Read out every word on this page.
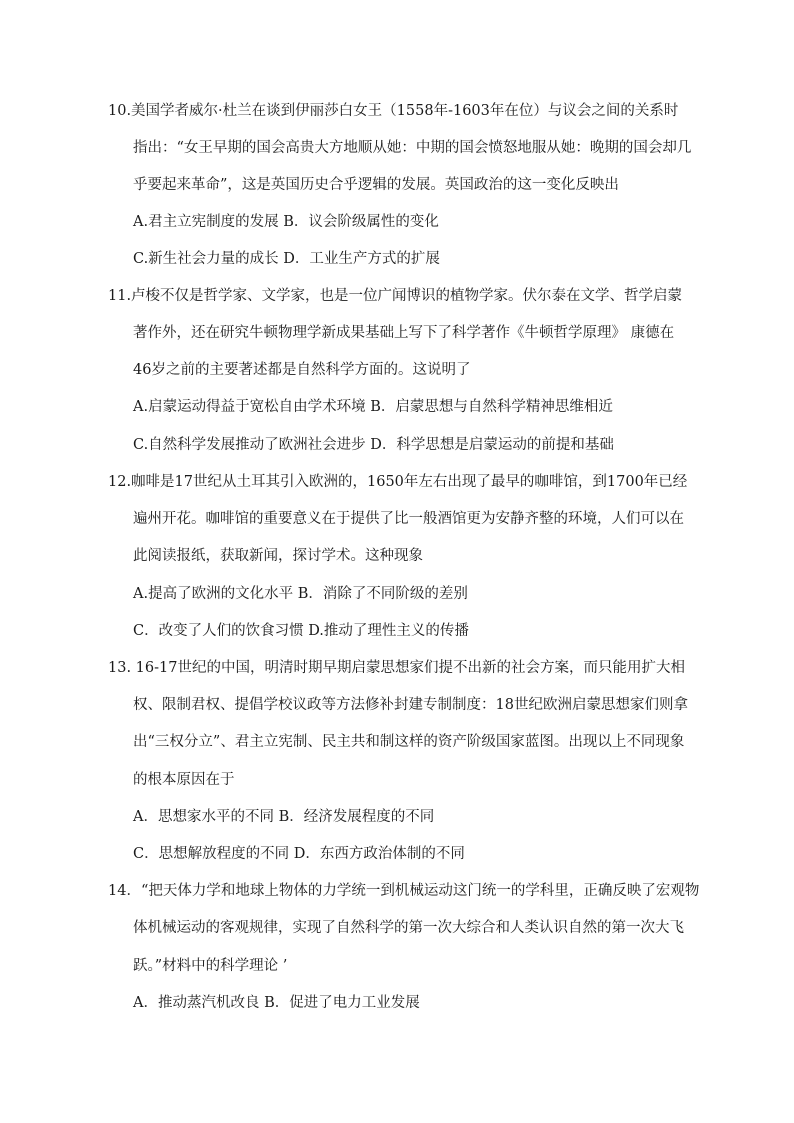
10.美国学者威尔·杜兰在谈到伊丽莎白女王（1558年-1603年在位）与议会之间的关系时
指出：“女王早期的国会高贵大方地顺从她：中期的国会愤怒地服从她：晚期的国会却几
乎要起来革命”，这是英国历史合乎逻辑的发展。英国政治的这一变化反映出
A.君主立宪制度的发展 B．议会阶级属性的变化
C.新生社会力量的成长 D．工业生产方式的扩展
11.卢梭不仅是哲学家、文学家，也是一位广闻博识的植物学家。伏尔泰在文学、哲学启蒙
著作外，还在研究牛顿物理学新成果基础上写下了科学著作《牛顿哲学原理》 康德在
46岁之前的主要著述都是自然科学方面的。这说明了
A.启蒙运动得益于宽松自由学术环境 B．启蒙思想与自然科学精神思维相近
C.自然科学发展推动了欧洲社会进步 D．科学思想是启蒙运动的前提和基础
12.咖啡是17世纪从土耳其引入欧洲的，1650年左右出现了最早的咖啡馆，到1700年已经
遍州开花。咖啡馆的重要意义在于提供了比一般酒馆更为安静齐整的环境，人们可以在
此阅读报纸，获取新闻，探讨学术。这种现象
A.提高了欧洲的文化水平 B．消除了不同阶级的差别
C．改变了人们的饮食习惯 D.推动了理性主义的传播
13. 16-17世纪的中国，明清时期早期启蒙思想家们提不出新的社会方案，而只能用扩大相
权、限制君权、提倡学校议政等方法修补封建专制制度：18世纪欧洲启蒙思想家们则拿
出“三权分立”、君主立宪制、民主共和制这样的资产阶级国家蓝图。出现以上不同现象
的根本原因在于
A．思想家水平的不同 B．经济发展程度的不同
C．思想解放程度的不同 D．东西方政治体制的不同
14．“把天体力学和地球上物体的力学统一到机械运动这门统一的学科里，正确反映了宏观物
体机械运动的客观规律，实现了自然科学的第一次大综合和人类认识自然的第一次大飞
跃。”材料中的科学理论 ’
A．推动蒸汽机改良 B．促进了电力工业发展
